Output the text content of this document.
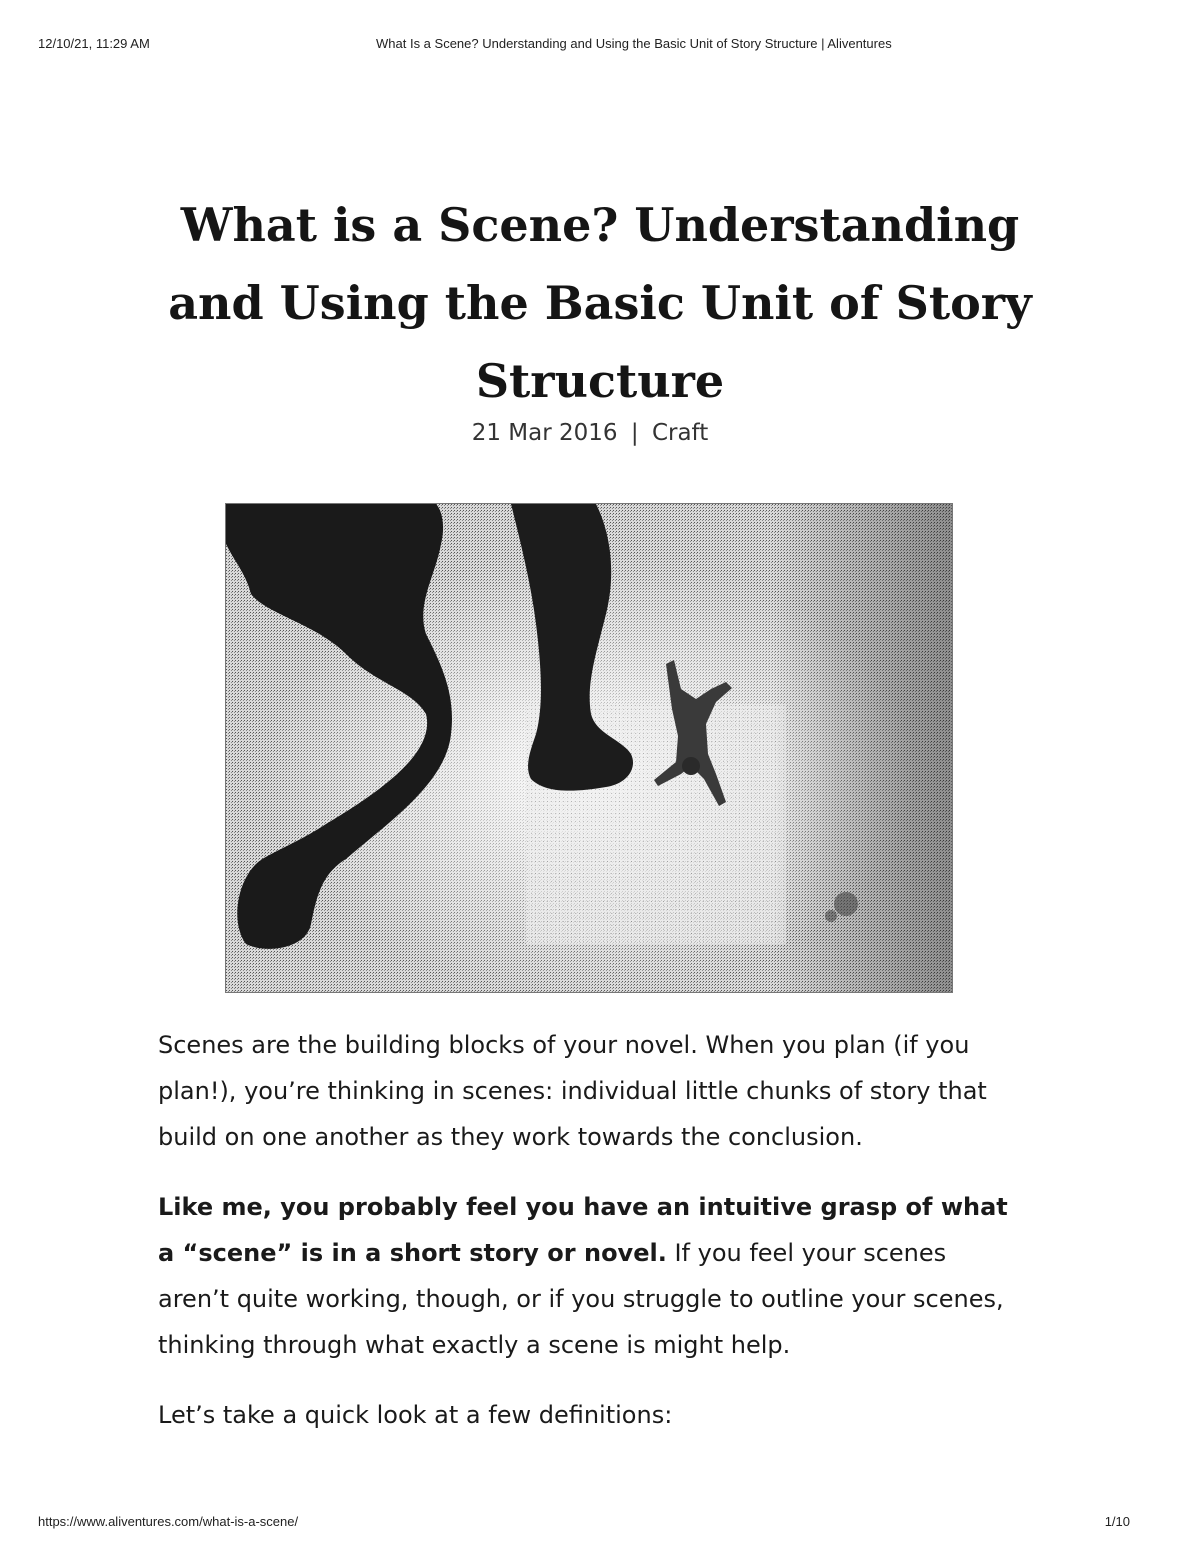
12/10/21, 11:29 AM	What Is a Scene? Understanding and Using the Basic Unit of Story Structure | Aliventures
What is a Scene? Understanding
and Using the Basic Unit of Story
Structure
21 Mar 2016 | Craft

Scenes are the building blocks of your novel. When you plan (if you plan!), you’re thinking in scenes: individual little chunks of story that build on one another as they work towards the conclusion.

Like me, you probably feel you have an intuitive grasp of what a “scene” is in a short story or novel. If you feel your scenes aren’t quite working, though, or if you struggle to outline your scenes, thinking through what exactly a scene is might help.

Let’s take a quick look at a few definitions:

https://www.aliventures.com/what-is-a-scene/	1/10
